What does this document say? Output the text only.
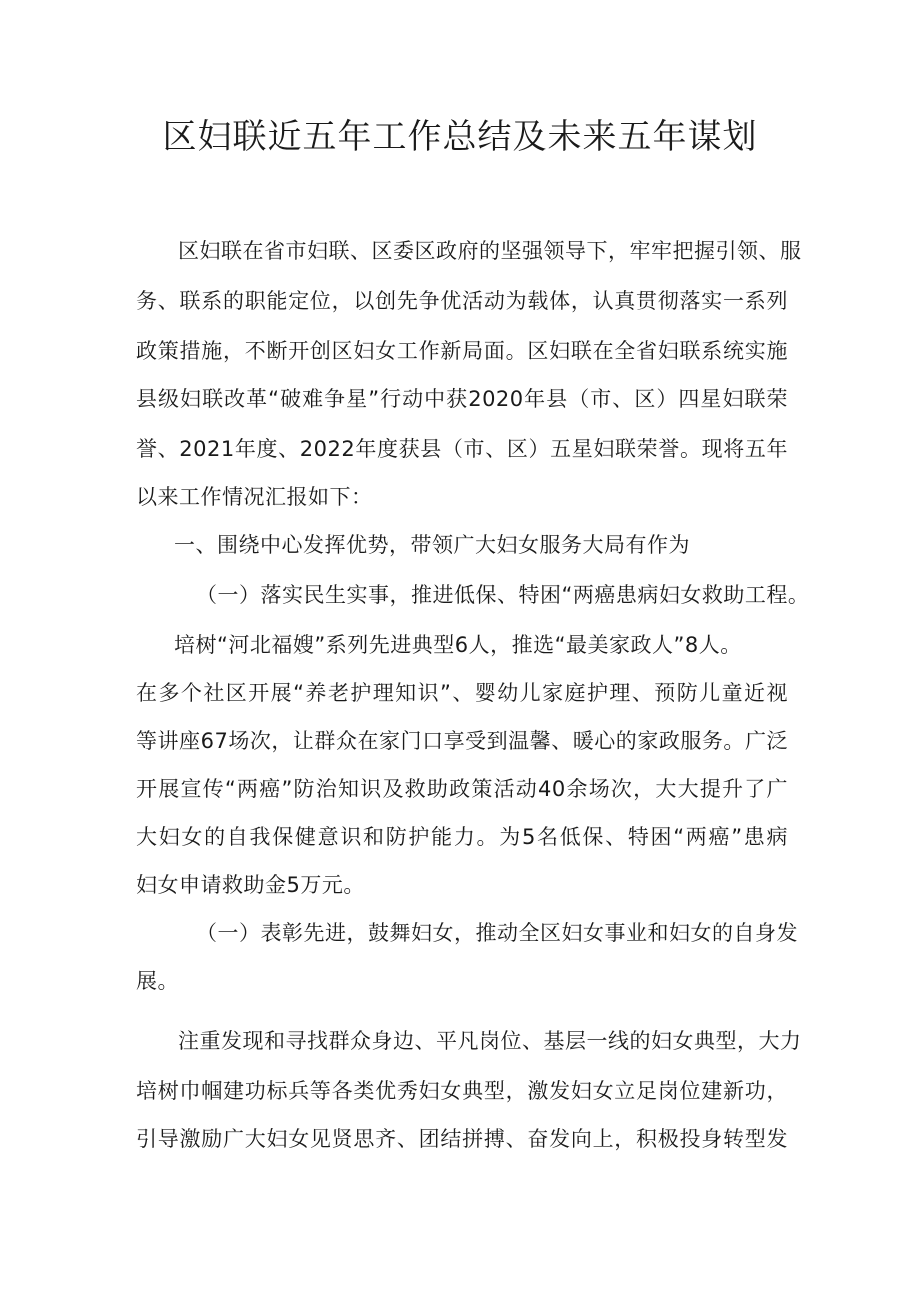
区妇联近五年工作总结及未来五年谋划
区妇联在省市妇联、区委区政府的坚强领导下，牢牢把握引领、服
务、联系的职能定位，以创先争优活动为载体，认真贯彻落实一系列
政策措施，不断开创区妇女工作新局面。区妇联在全省妇联系统实施
县级妇联改革“破难争星”行动中获2020年县（市、区）四星妇联荣
誉、2021年度、2022年度获县（市、区）五星妇联荣誉。现将五年
以来工作情况汇报如下：
一、围绕中心发挥优势，带领广大妇女服务大局有作为
（一）落实民生实事，推进低保、特困“两癌患病妇女救助工程。
培树“河北福嫂”系列先进典型6人，推选“最美家政人”8人。
在多个社区开展“养老护理知识”、婴幼儿家庭护理、预防儿童近视
等讲座67场次，让群众在家门口享受到温馨、暖心的家政服务。广泛
开展宣传“两癌”防治知识及救助政策活动40余场次，大大提升了广
大妇女的自我保健意识和防护能力。为5名低保、特困“两癌”患病
妇女申请救助金5万元。
（一）表彰先进，鼓舞妇女，推动全区妇女事业和妇女的自身发
展。
注重发现和寻找群众身边、平凡岗位、基层一线的妇女典型，大力
培树巾帼建功标兵等各类优秀妇女典型，激发妇女立足岗位建新功，
引导激励广大妇女见贤思齐、团结拼搏、奋发向上，积极投身转型发
